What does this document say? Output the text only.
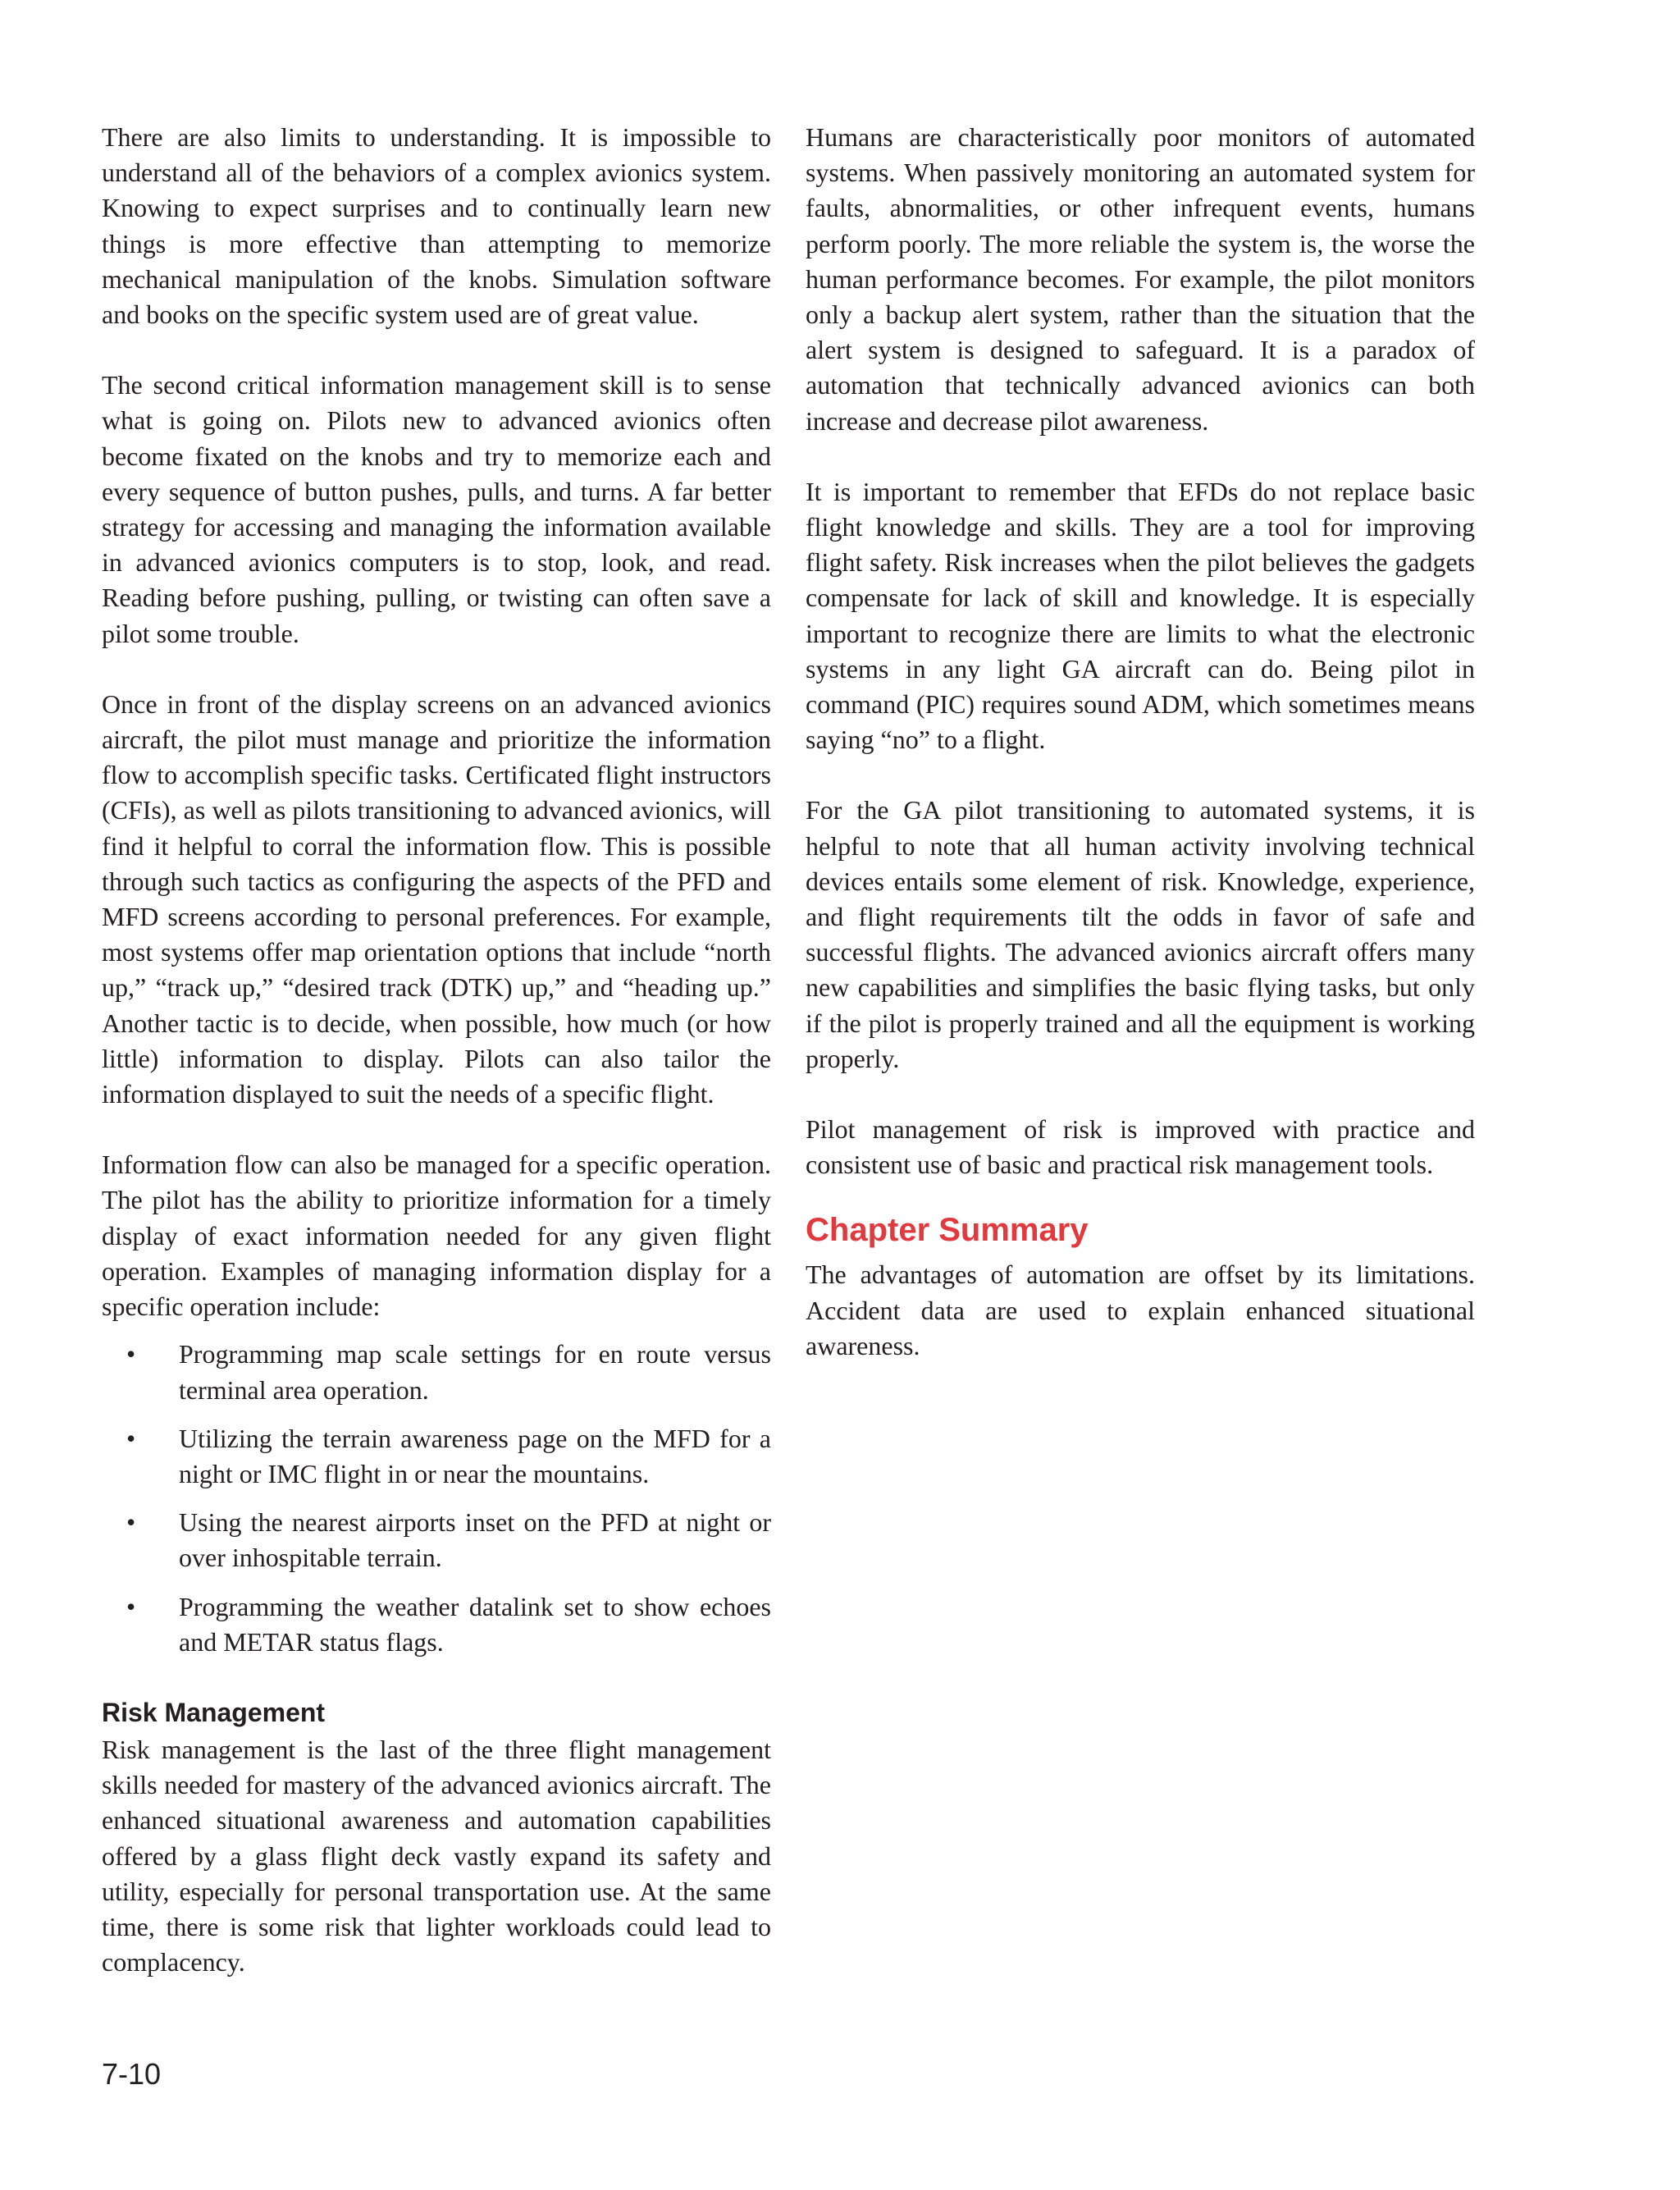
There are also limits to understanding. It is impossible to understand all of the behaviors of a complex avionics system. Knowing to expect surprises and to continually learn new things is more effective than attempting to memorize mechanical manipulation of the knobs. Simulation software and books on the specific system used are of great value.

The second critical information management skill is to sense what is going on. Pilots new to advanced avionics often become fixated on the knobs and try to memorize each and every sequence of button pushes, pulls, and turns. A far better strategy for accessing and managing the information available in advanced avionics computers is to stop, look, and read. Reading before pushing, pulling, or twisting can often save a pilot some trouble.

Once in front of the display screens on an advanced avionics aircraft, the pilot must manage and prioritize the information flow to accomplish specific tasks. Certificated flight instructors (CFIs), as well as pilots transitioning to advanced avionics, will find it helpful to corral the information flow. This is possible through such tactics as configuring the aspects of the PFD and MFD screens according to personal preferences. For example, most systems offer map orientation options that include “north up,” “track up,” “desired track (DTK) up,” and “heading up.” Another tactic is to decide, when possible, how much (or how little) information to display. Pilots can also tailor the information displayed to suit the needs of a specific flight.

Information flow can also be managed for a specific operation. The pilot has the ability to prioritize information for a timely display of exact information needed for any given flight operation. Examples of managing information display for a specific operation include:

• Programming map scale settings for en route versus terminal area operation.
• Utilizing the terrain awareness page on the MFD for a night or IMC flight in or near the mountains.
• Using the nearest airports inset on the PFD at night or over inhospitable terrain.
• Programming the weather datalink set to show echoes and METAR status flags.
Risk Management

Risk management is the last of the three flight management skills needed for mastery of the advanced avionics aircraft. The enhanced situational awareness and automation capabilities offered by a glass flight deck vastly expand its safety and utility, especially for personal transportation use. At the same time, there is some risk that lighter workloads could lead to complacency.

Humans are characteristically poor monitors of automated systems. When passively monitoring an automated system for faults, abnormalities, or other infrequent events, humans perform poorly. The more reliable the system is, the worse the human performance becomes. For example, the pilot monitors only a backup alert system, rather than the situation that the alert system is designed to safeguard. It is a paradox of automation that technically advanced avionics can both increase and decrease pilot awareness.

It is important to remember that EFDs do not replace basic flight knowledge and skills. They are a tool for improving flight safety. Risk increases when the pilot believes the gadgets compensate for lack of skill and knowledge. It is especially important to recognize there are limits to what the electronic systems in any light GA aircraft can do. Being pilot in command (PIC) requires sound ADM, which sometimes means saying “no” to a flight.

For the GA pilot transitioning to automated systems, it is helpful to note that all human activity involving technical devices entails some element of risk. Knowledge, experience, and flight requirements tilt the odds in favor of safe and successful flights. The advanced avionics aircraft offers many new capabilities and simplifies the basic flying tasks, but only if the pilot is properly trained and all the equipment is working properly.

Pilot management of risk is improved with practice and consistent use of basic and practical risk management tools.

Chapter Summary

The advantages of automation are offset by its limitations. Accident data are used to explain enhanced situational awareness.

7-10
